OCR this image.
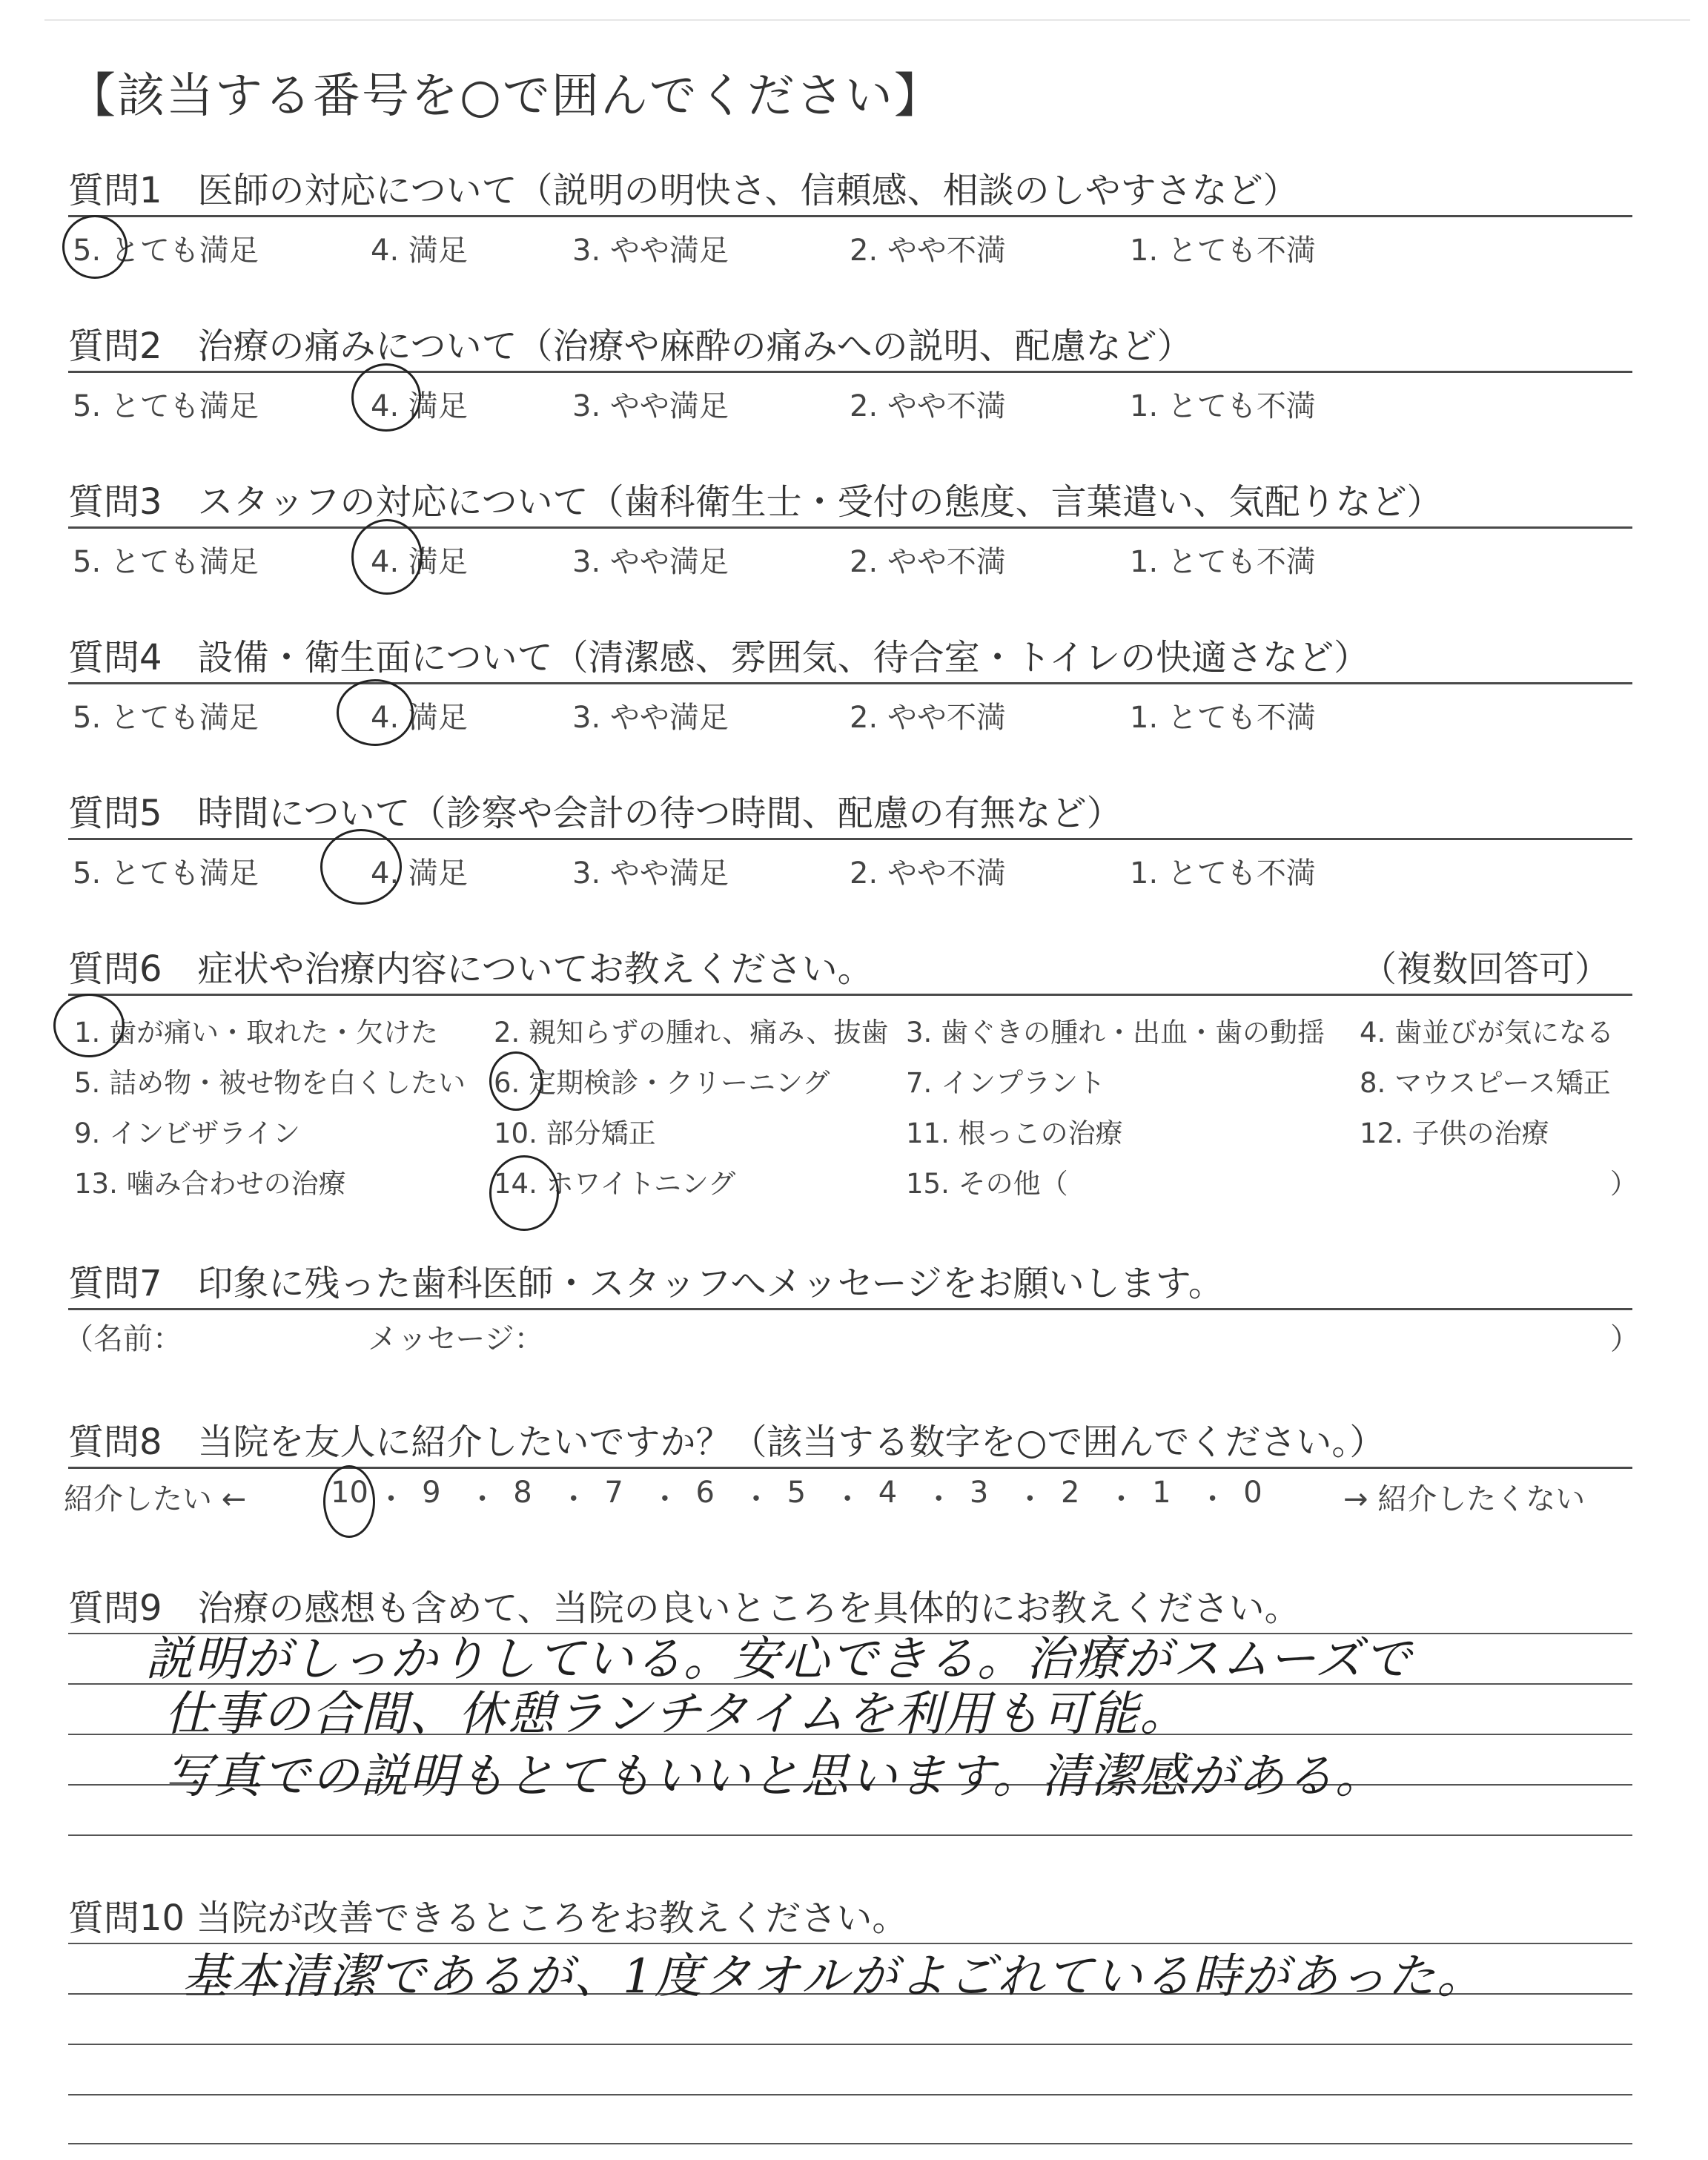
【該当する番号を○で囲んでください】
質問1　医師の対応について（説明の明快さ、信頼感、相談のしやすさなど）
5. とても満足	4. 満足	3. やや満足	2. やや不満	1. とても不満
質問2　治療の痛みについて（治療や麻酔の痛みへの説明、配慮など）
5. とても満足	4. 満足	3. やや満足	2. やや不満	1. とても不満
質問3　スタッフの対応について（歯科衛生士・受付の態度、言葉遣い、気配りなど）
5. とても満足	4. 満足	3. やや満足	2. やや不満	1. とても不満
質問4　設備・衛生面について（清潔感、雰囲気、待合室・トイレの快適さなど）
5. とても満足	4. 満足	3. やや満足	2. やや不満	1. とても不満
質問5　時間について（診察や会計の待つ時間、配慮の有無など）
5. とても満足	4. 満足	3. やや満足	2. やや不満	1. とても不満
質問6　症状や治療内容についてお教えください。	（複数回答可）
1. 歯が痛い・取れた・欠けた 2. 親知らずの腫れ、痛み、抜歯 3. 歯ぐきの腫れ・出血・歯の動揺 4. 歯並びが気になる
5. 詰め物・被せ物を白くしたい 6. 定期検診・クリーニング	7. インプラント	8. マウスピース矯正
9. インビザライン	10. 部分矯正	11. 根っこの治療	12. 子供の治療
13. 噛み合わせの治療	14. ホワイトニング	15. その他（	）
質問7　印象に残った歯科医師・スタッフへメッセージをお願いします。
（名前：	メッセージ：	）
質問8　当院を友人に紹介したいですか？（該当する数字を○で囲んでください。）
紹介したい ←	10 ・ 9 ・ 8 ・ 7 ・ 6 ・ 5 ・ 4 ・ 3 ・ 2 ・ 1 ・ 0	→ 紹介したくない
質問9　治療の感想も含めて、当院の良いところを具体的にお教えください。
説明がしっかりしている。安心できる。治療がスムーズで
仕事の合間、休憩ランチタイムを利用も可能。
写真での説明もとてもいいと思います。清潔感がある。
質問10 当院が改善できるところをお教えください。
基本清潔であるが、1度タオルがよごれている時があった。
